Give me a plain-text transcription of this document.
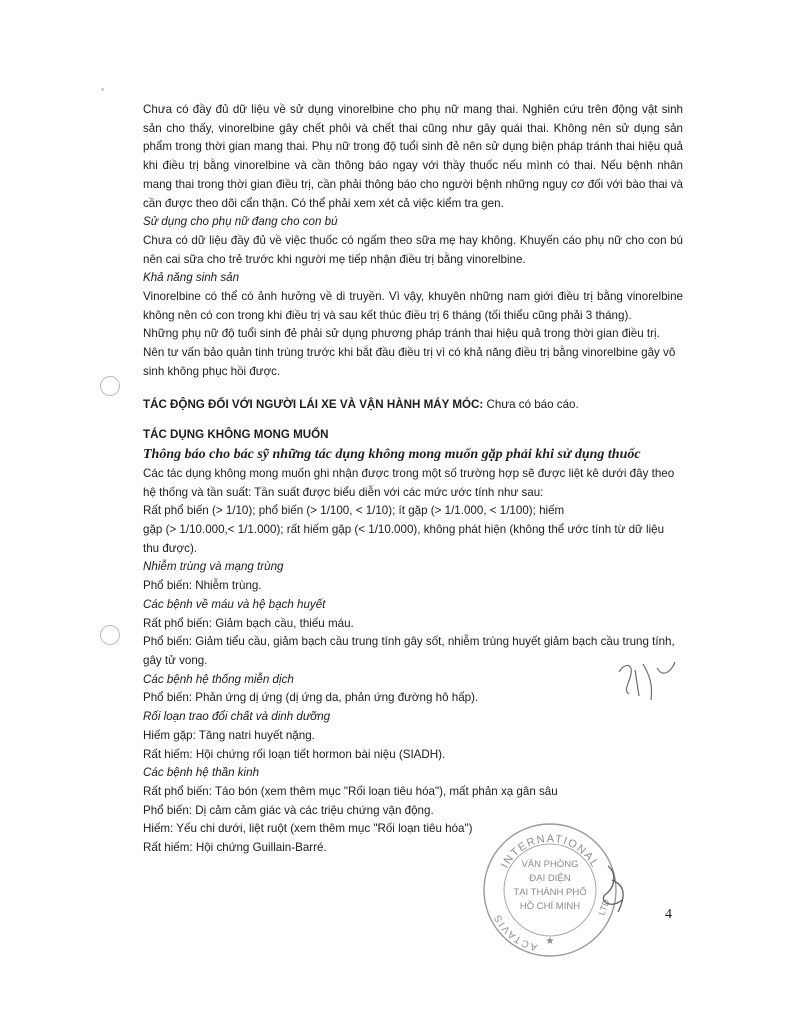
Chưa có đầy đủ dữ liệu về sử dụng vinorelbine cho phụ nữ mang thai. Nghiên cứu trên động vật sinh sản cho thấy, vinorelbine gây chết phôi và chết thai cũng như gây quái thai. Không nên sử dụng sản phẩm trong thời gian mang thai. Phụ nữ trong độ tuổi sinh đẻ nên sử dụng biện pháp tránh thai hiệu quả khi điều trị bằng vinorelbine và cần thông báo ngay với thầy thuốc nếu mình có thai. Nếu bệnh nhân mang thai trong thời gian điều trị, cần phải thông báo cho người bệnh những nguy cơ đối với bào thai và cần được theo dõi cẩn thận. Có thể phải xem xét cả việc kiểm tra gen.

Sử dụng cho phụ nữ đang cho con bú

Chưa có dữ liệu đầy đủ về việc thuốc có ngấm theo sữa mẹ hay không. Khuyến cáo phụ nữ cho con bú nên cai sữa cho trẻ trước khi người mẹ tiếp nhận điều trị bằng vinorelbine.

Khả năng sinh sản

Vinorelbine có thể có ảnh hưởng về di truyền. Vì vậy, khuyên những nam giới điều trị bằng vinorelbine không nên có con trong khi điều trị và sau kết thúc điều trị 6 tháng (tối thiểu cũng phải 3 tháng).

Những phụ nữ độ tuổi sinh đẻ phải sử dụng phương pháp tránh thai hiệu quả trong thời gian điều trị.

Nên tư vấn bảo quản tinh trùng trước khi bắt đầu điều trị vì có khả năng điều trị bằng vinorelbine gây vô sinh không phục hồi được.

TÁC ĐỘNG ĐỐI VỚI NGƯỜI LÁI XE VÀ VẬN HÀNH MÁY MÓC: Chưa có báo cáo.

TÁC DỤNG KHÔNG MONG MUỐN

Thông báo cho bác sỹ những tác dụng không mong muốn gặp phải khi sử dụng thuốc

Các tác dụng không mong muốn ghi nhận được trong một số trường hợp sẽ được liệt kê dưới đây theo hệ thống và tần suất: Tần suất được biểu diễn với các mức ước tính như sau:

Rất phổ biến (> 1/10); phổ biến (> 1/100, < 1/10); ít gặp (> 1/1.000, < 1/100); hiếm

gặp (> 1/10.000,< 1/1.000); rất hiếm gặp (< 1/10.000), không phát hiện (không thể ước tính từ dữ liệu thu được).

Nhiễm trùng và mạng trùng

Phổ biến: Nhiễm trùng.

Các bệnh về máu và hệ bạch huyết

Rất phổ biến: Giảm bạch cầu, thiếu máu.

Phổ biến: Giảm tiểu cầu, giảm bạch cầu trung tính gây sốt, nhiễm trùng huyết giảm bạch cầu trung tính, gây tử vong.

Các bệnh hệ thống miễn dịch

Phổ biến: Phản ứng dị ứng (dị ứng da, phản ứng đường hô hấp).

Rối loạn trao đổi chất và dinh dưỡng

Hiếm gặp: Tăng natri huyết nặng.

Rất hiếm: Hội chứng rối loạn tiết hormon bài niệu (SIADH).

Các bệnh hệ thần kinh

Rất phổ biến: Táo bón (xem thêm mục "Rối loạn tiêu hóa"), mất phản xạ gân sâu

Phổ biến: Dị cảm cảm giác và các triệu chứng vận động.

Hiếm: Yếu chi dưới, liệt ruột (xem thêm mục "Rối loạn tiêu hóa")

Rất hiếm: Hội chứng Guillain-Barré.

INTERNATIONAL
ACTAVIS
LTD
VĂN PHÒNG
ĐẠI DIỆN
TẠI THÀNH PHỐ
HỒ CHÍ MINH
★
4
